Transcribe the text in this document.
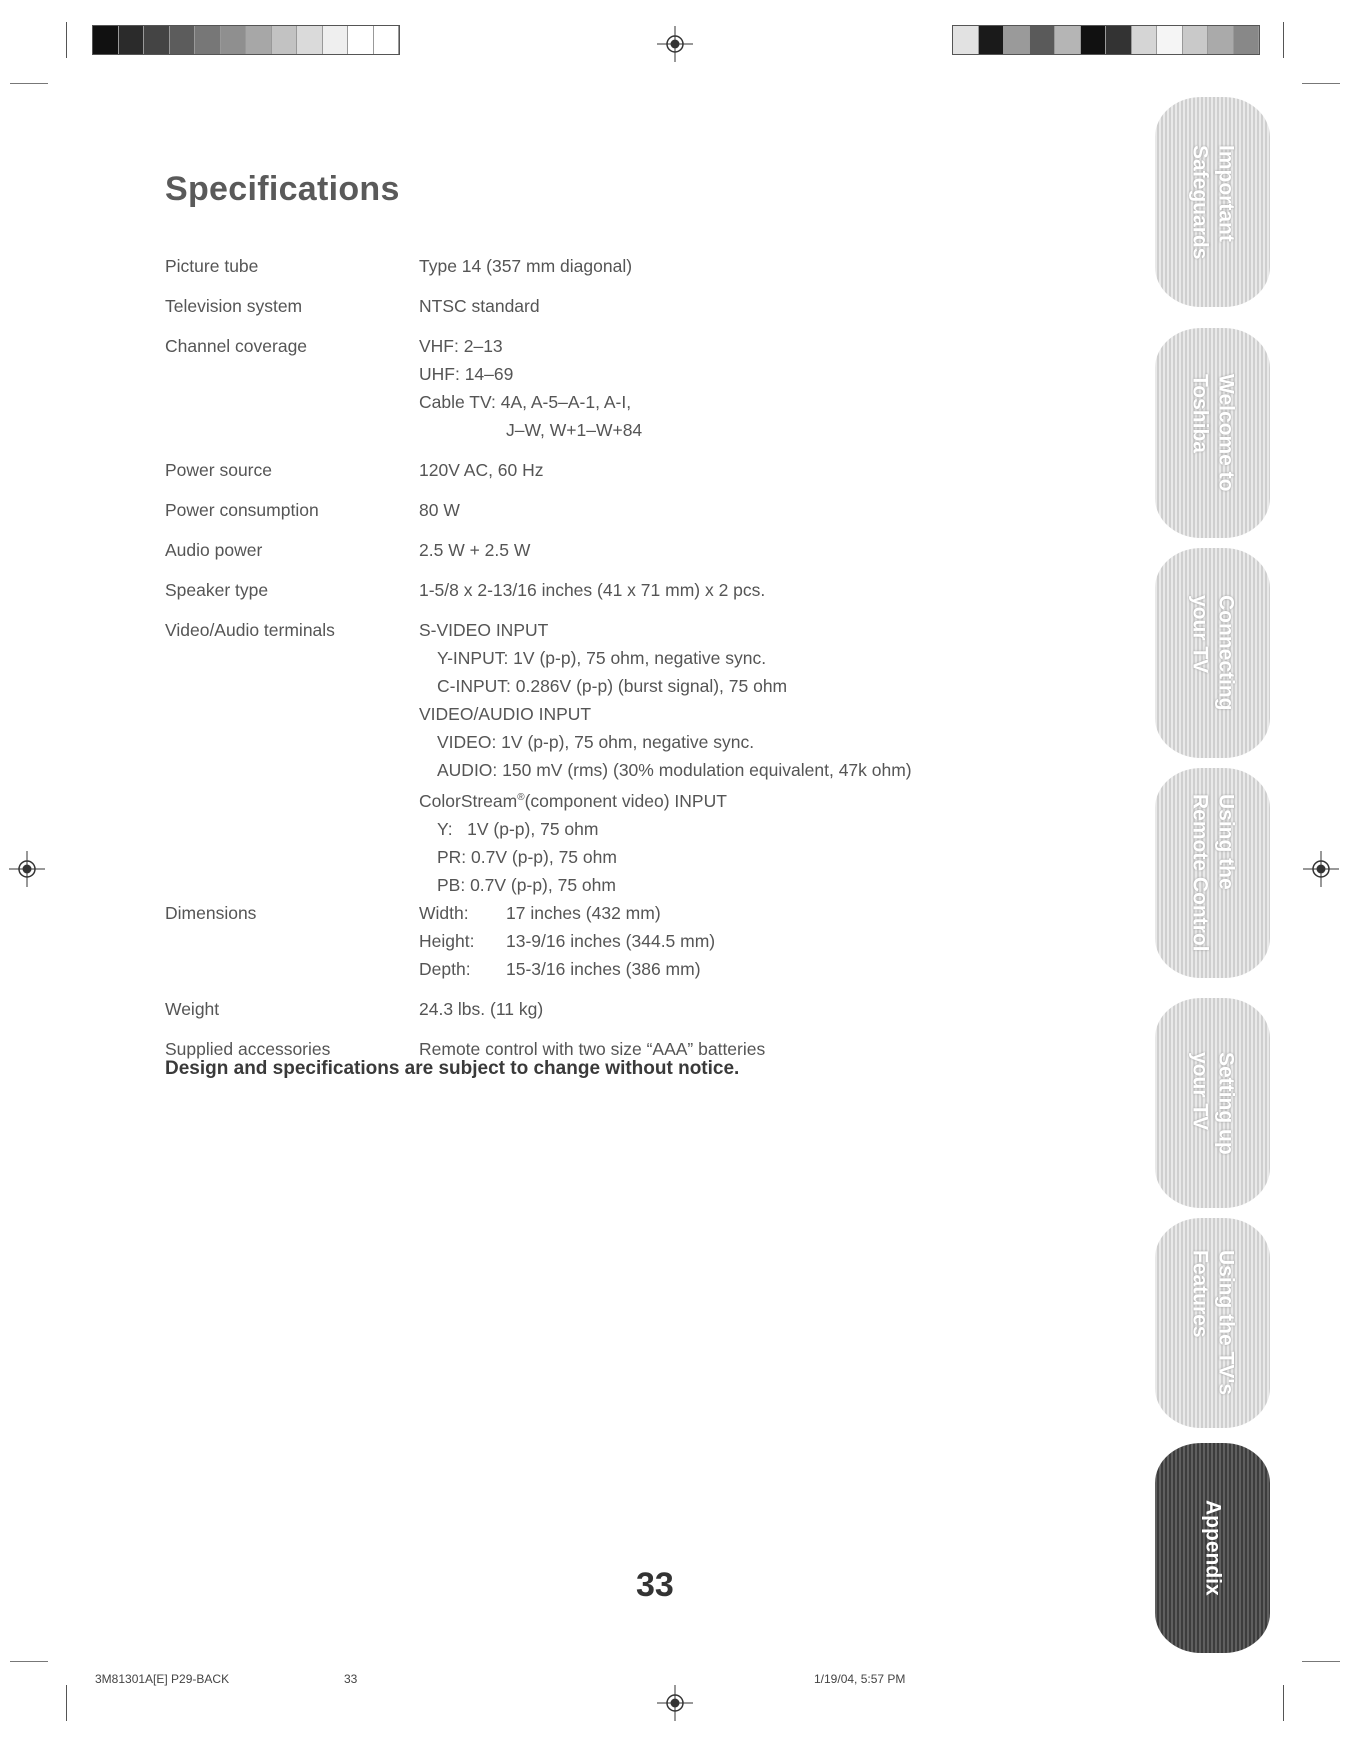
Specifications
Picture tube	Type 14 (357 mm diagonal)
Television system	NTSC standard
Channel coverage	VHF: 2–13
UHF: 14–69
Cable TV: 4A, A-5–A-1, A-I,
J–W, W+1–W+84
Power source	120V AC, 60 Hz
Power consumption	80 W
Audio power	2.5 W + 2.5 W
Speaker type	1-5/8 x 2-13/16 inches (41 x 71 mm) x 2 pcs.
Video/Audio terminals	S-VIDEO INPUT
Y-INPUT: 1V (p-p), 75 ohm, negative sync.
C-INPUT: 0.286V (p-p) (burst signal), 75 ohm
VIDEO/AUDIO INPUT
VIDEO: 1V (p-p), 75 ohm, negative sync.
AUDIO: 150 mV (rms) (30% modulation equivalent, 47k ohm)
ColorStream®(component video) INPUT
Y:   1V (p-p), 75 ohm
PR: 0.7V (p-p), 75 ohm
PB: 0.7V (p-p), 75 ohm
Dimensions	Width: 17 inches (432 mm)
Height: 13-9/16 inches (344.5 mm)
Depth: 15-3/16 inches (386 mm)
Weight	24.3 lbs. (11 kg)
Supplied accessories	Remote control with two size “AAA” batteries
Design and specifications are subject to change without notice.
33
Important
Safeguards
Welcome to
Toshiba
Connecting
your TV
Using the
Remote Control
Setting up
your TV
Using the TV's
Features
Appendix
3M81301A[E] P29-BACK	33	1/19/04, 5:57 PM
